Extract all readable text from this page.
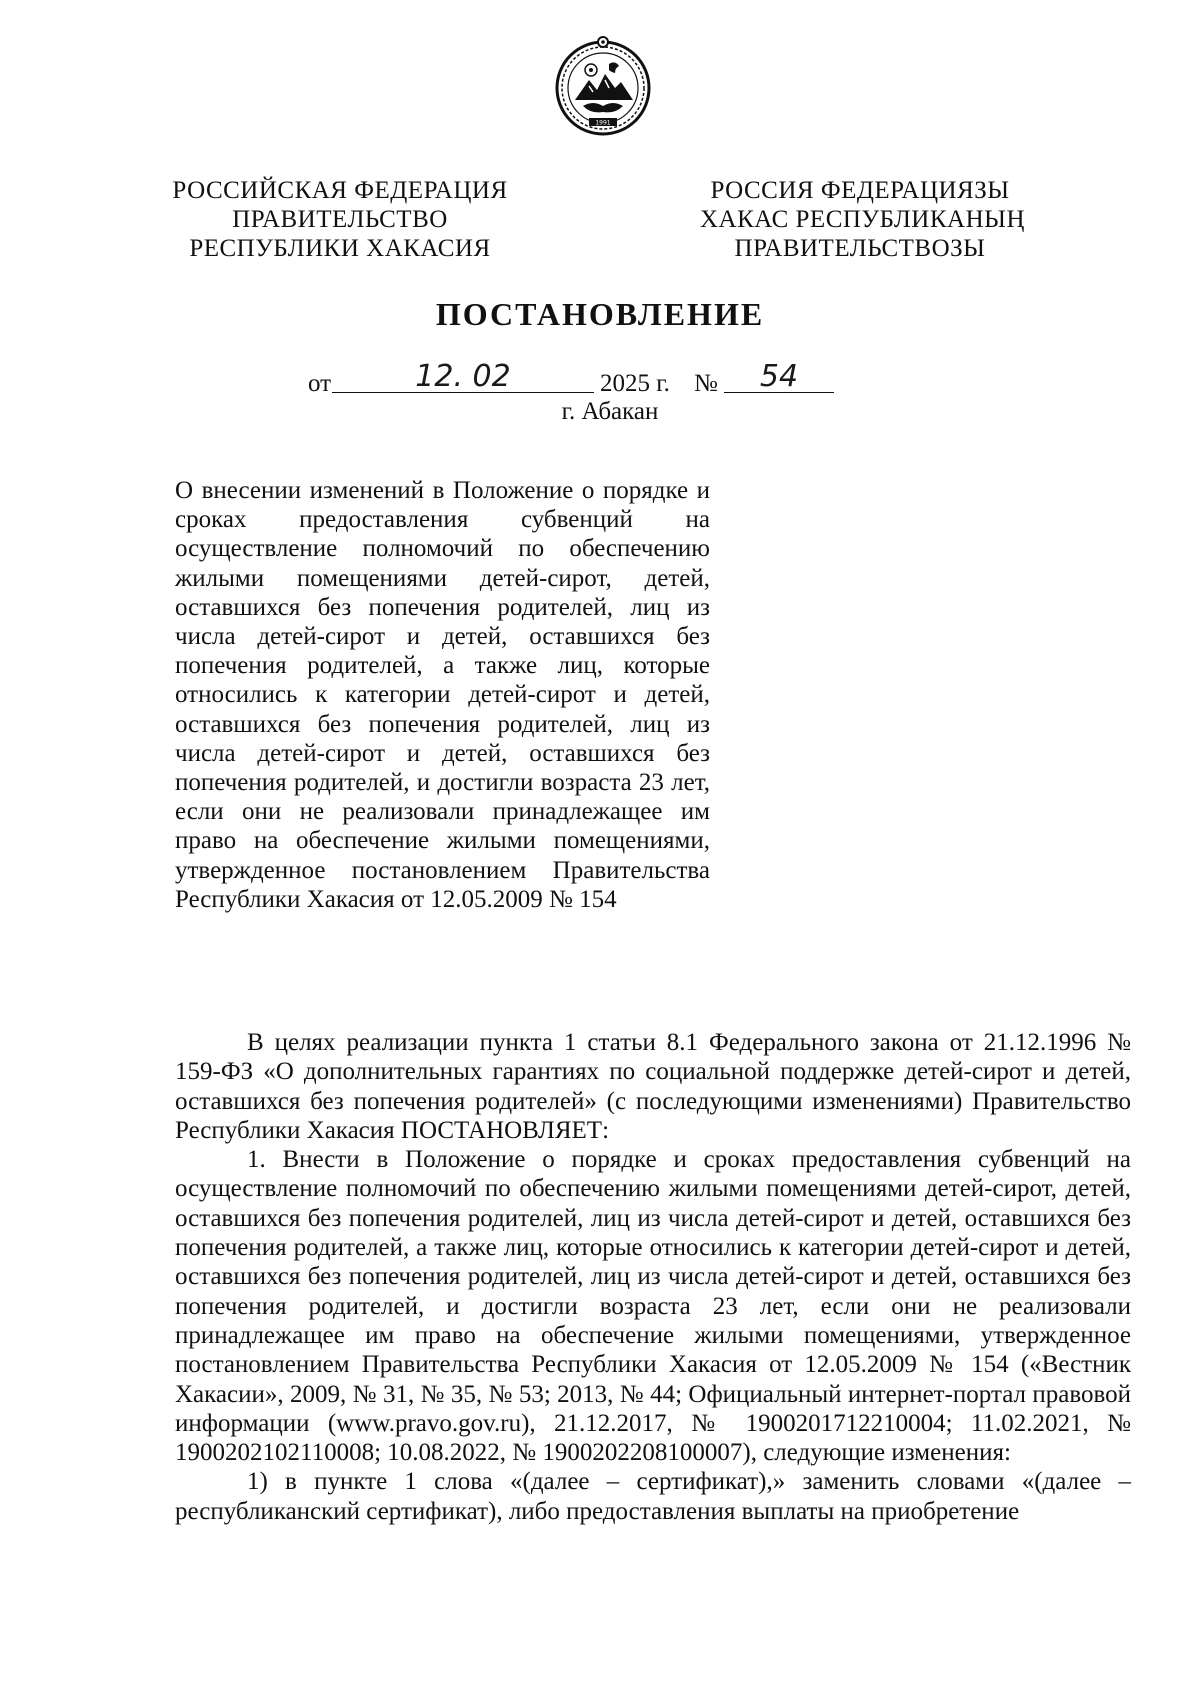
1991
РОССИЙСКАЯ ФЕДЕРАЦИЯ
ПРАВИТЕЛЬСТВО
РЕСПУБЛИКИ ХАКАСИЯ
РОССИЯ ФЕДЕРАЦИЯЗЫ
ХАКАС РЕСПУБЛИКАНЫҢ
ПРАВИТЕЛЬСТВОЗЫ
ПОСТАНОВЛЕНИЕ
от	12. 02	2025 г. №	54
г. Абакан
О внесении изменений в Положение о порядке и сроках предоставления субвенций на осуществление полномочий по обеспечению жилыми помещениями детей-сирот, детей, оставшихся без попечения родителей, лиц из числа детей-сирот и детей, оставшихся без попечения родителей, а также лиц, которые относились к категории детей-сирот и детей, оставшихся без попечения родителей, лиц из числа детей-сирот и детей, оставшихся без попечения родителей, и достигли возраста 23 лет, если они не реализовали принадлежащее им право на обеспечение жилыми помещениями, утвержденное постановлением Правительства Республики Хакасия от 12.05.2009 № 154

В целях реализации пункта 1 статьи 8.1 Федерального закона от 21.12.1996 № 159-ФЗ «О дополнительных гарантиях по социальной поддержке детей-сирот и детей, оставшихся без попечения родителей» (с последующими изменениями) Правительство Республики Хакасия ПОСТАНОВЛЯЕТ:

1. Внести в Положение о порядке и сроках предоставления субвенций на осуществление полномочий по обеспечению жилыми помещениями детей-сирот, детей, оставшихся без попечения родителей, лиц из числа детей-сирот и детей, оставшихся без попечения родителей, а также лиц, которые относились к категории детей-сирот и детей, оставшихся без попечения родителей, лиц из числа детей-сирот и детей, оставшихся без попечения родителей, и достигли возраста 23 лет, если они не реализовали принадлежащее им право на обеспечение жилыми помещениями, утвержденное постановлением Правительства Республики Хакасия от 12.05.2009 № 154 («Вестник Хакасии», 2009, № 31, № 35, № 53; 2013, № 44; Официальный интернет-портал правовой информации (www.pravo.gov.ru), 21.12.2017, № 1900201712210004; 11.02.2021, № 1900202102110008; 10.08.2022, № 1900202208100007), следующие изменения:

1) в пункте 1 слова «(далее – сертификат),» заменить словами «(далее – республиканский сертификат), либо предоставления выплаты на приобретение
